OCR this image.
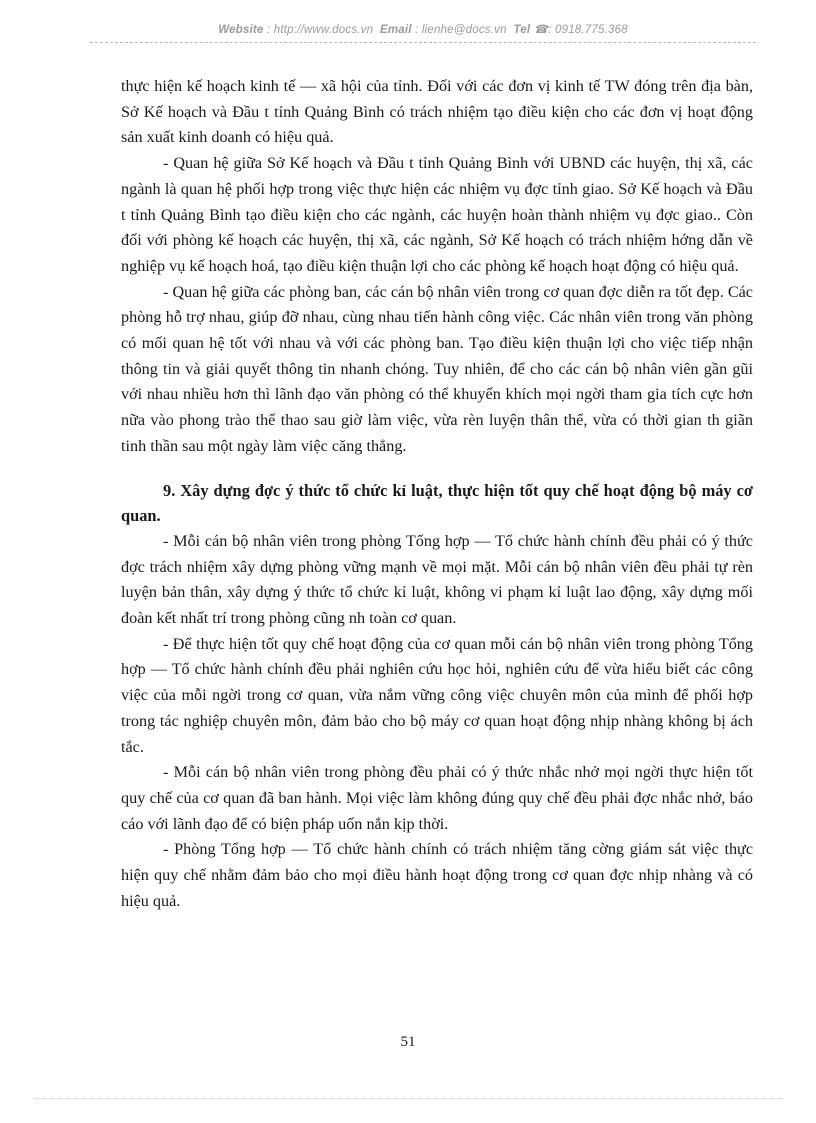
Website : http://www.docs.vn Email : lienhe@docs.vn Tel ☎: 0918.775.368

thực hiện kế hoạch kinh tế — xã hội của tỉnh. Đối với các đơn vị kinh tế TW đóng trên địa bàn, Sở Kế hoạch và Đầu t tỉnh Quảng Bình có trách nhiệm tạo điều kiện cho các đơn vị hoạt động sản xuất kinh doanh có hiệu quả.

- Quan hệ giữa Sở Kế hoạch và Đầu t tỉnh Quảng Bình với UBND các huyện, thị xã, các ngành là quan hệ phối hợp trong việc thực hiện các nhiệm vụ đợc tỉnh giao. Sở Kế hoạch và Đầu t tỉnh Quảng Bình tạo điều kiện cho các ngành, các huyện hoàn thành nhiệm vụ đợc giao.. Còn đối với phòng kế hoạch các huyện, thị xã, các ngành, Sở Kế hoạch có trách nhiệm hớng dẫn về nghiệp vụ kế hoạch hoá, tạo điều kiện thuận lợi cho các phòng kế hoạch hoạt động có hiệu quả.

- Quan hệ giữa các phòng ban, các cán bộ nhân viên trong cơ quan đợc diễn ra tốt đẹp. Các phòng hỗ trợ nhau, giúp đỡ nhau, cùng nhau tiến hành công việc. Các nhân viên trong văn phòng có mối quan hệ tốt với nhau và với các phòng ban. Tạo điều kiện thuận lợi cho việc tiếp nhận thông tin và giải quyết thông tin nhanh chóng. Tuy nhiên, để cho các cán bộ nhân viên gần gũi với nhau nhiều hơn thì lãnh đạo văn phòng có thể khuyến khích mọi ngời tham gia tích cực hơn nữa vào phong trào thể thao sau giờ làm việc, vừa rèn luyện thân thể, vừa có thời gian th giãn tinh thần sau một ngày làm việc căng thẳng.

9. Xây dựng đợc ý thức tổ chức kỉ luật, thực hiện tốt quy chế hoạt động bộ máy cơ quan.

- Mỗi cán bộ nhân viên trong phòng Tổng hợp — Tổ chức hành chính đều phải có ý thức đợc trách nhiệm xây dựng phòng vững mạnh về mọi mặt. Mỗi cán bộ nhân viên đều phải tự rèn luyện bản thân, xây dựng ý thức tổ chức kỉ luật, không vi phạm kỉ luật lao động, xây dựng mối đoàn kết nhất trí trong phòng cũng nh toàn cơ quan.

- Để thực hiện tốt quy chế hoạt động của cơ quan mỗi cán bộ nhân viên trong phòng Tổng hợp — Tổ chức hành chính đều phải nghiên cứu học hỏi, nghiên cứu để vừa hiểu biết các công việc của mỗi ngời trong cơ quan, vừa nắm vững công việc chuyên môn của mình để phối hợp trong tác nghiệp chuyên môn, đảm bảo cho bộ máy cơ quan hoạt động nhịp nhàng không bị ách tắc.

- Mỗi cán bộ nhân viên trong phòng đều phải có ý thức nhắc nhở mọi ngời thực hiện tốt quy chế của cơ quan đã ban hành. Mọi việc làm không đúng quy chế đều phải đợc nhắc nhở, báo cáo với lãnh đạo để có biện pháp uốn nắn kịp thời.

- Phòng Tổng hợp — Tổ chức hành chính có trách nhiệm tăng cờng giám sát việc thực hiện quy chế nhằm đảm bảo cho mọi điều hành hoạt động trong cơ quan đợc nhịp nhàng và có hiệu quả.

51
